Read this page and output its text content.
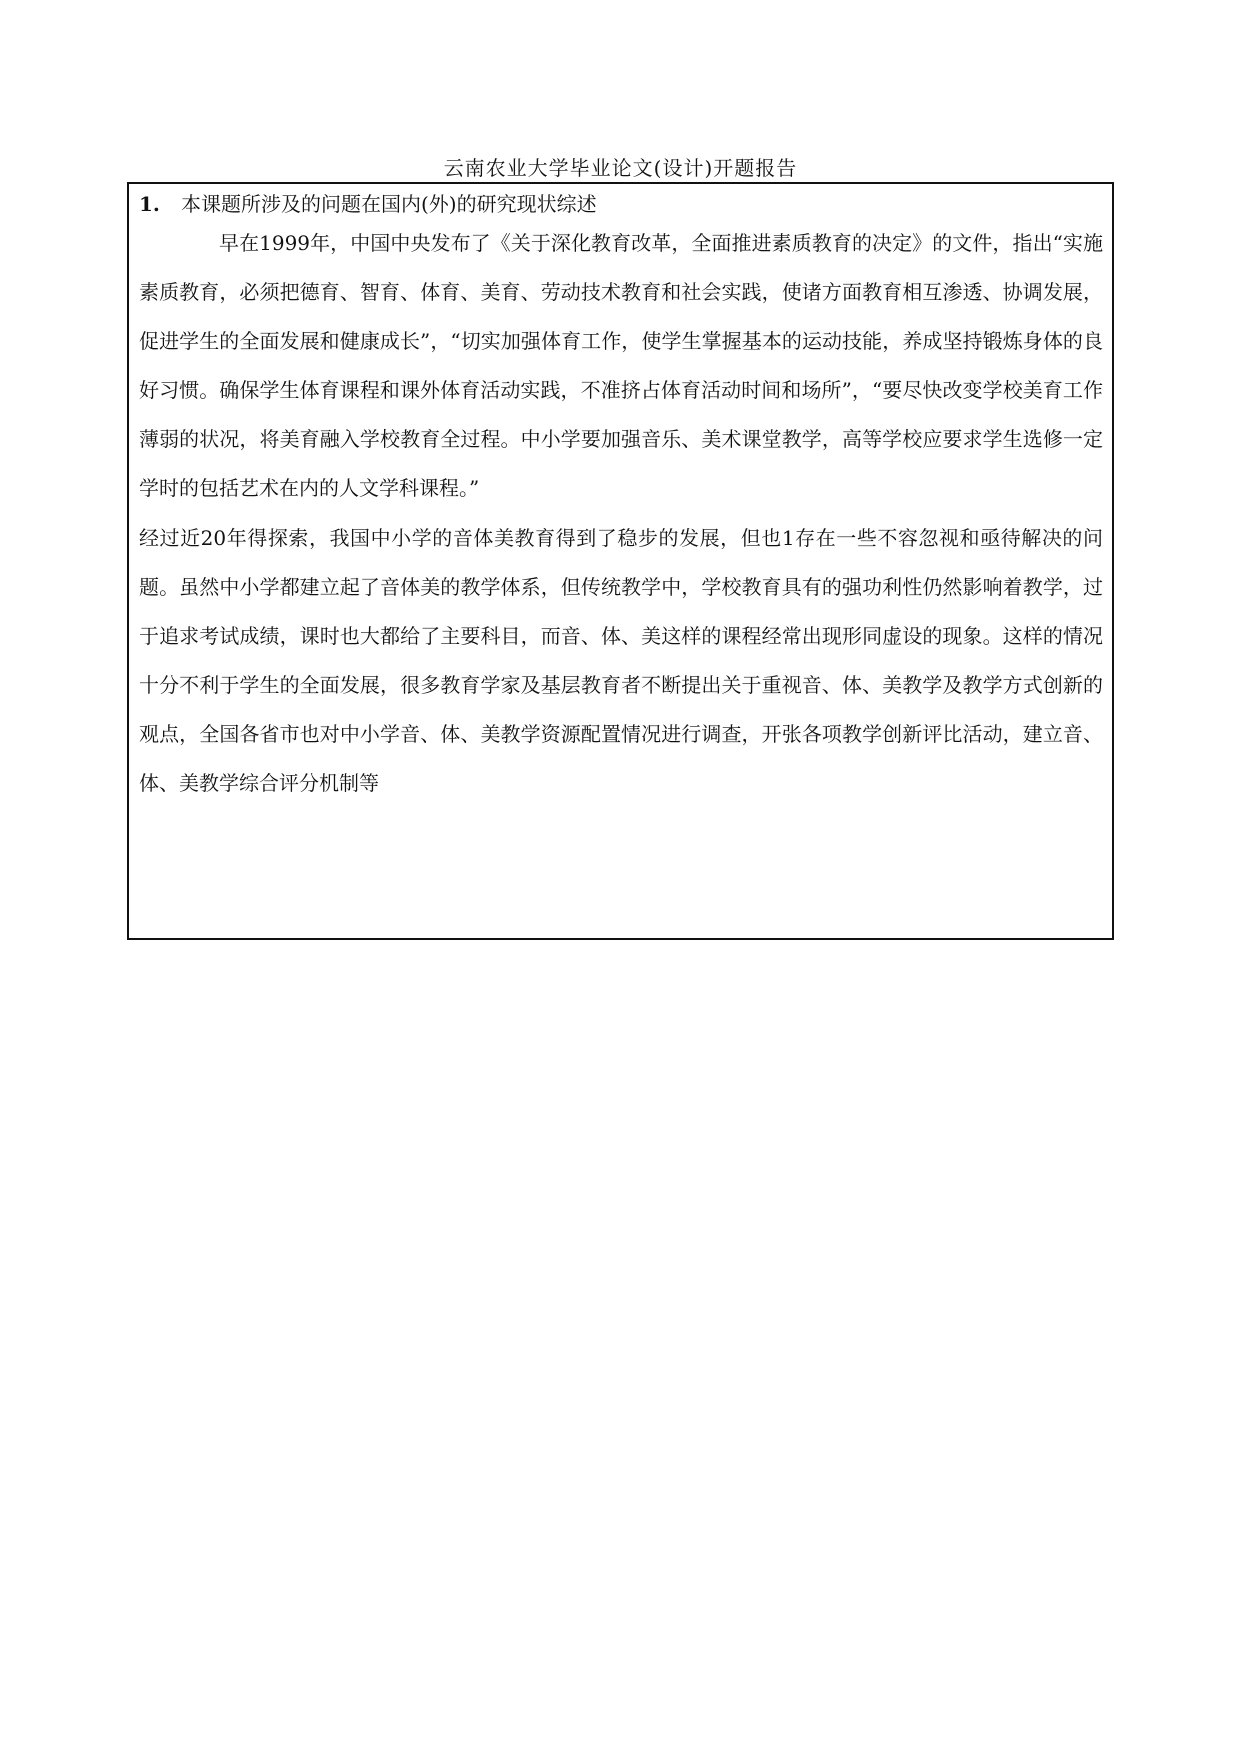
云南农业大学毕业论文(设计)开题报告
1. 本课题所涉及的问题在国内(外)的研究现状综述

早在1999年，中国中央发布了《关于深化教育改革，全面推进素质教育的决定》的文件，指出“实施素质教育，必须把德育、智育、体育、美育、劳动技术教育和社会实践，使诸方面教育相互渗透、协调发展，促进学生的全面发展和健康成长”，“切实加强体育工作，使学生掌握基本的运动技能，养成坚持锻炼身体的良好习惯。确保学生体育课程和课外体育活动实践，不准挤占体育活动时间和场所”，“要尽快改变学校美育工作薄弱的状况，将美育融入学校教育全过程。中小学要加强音乐、美术课堂教学，高等学校应要求学生选修一定学时的包括艺术在内的人文学科课程。”

经过近20年得探索，我国中小学的音体美教育得到了稳步的发展，但也1存在一些不容忽视和亟待解决的问题。虽然中小学都建立起了音体美的教学体系，但传统教学中，学校教育具有的强功利性仍然影响着教学，过于追求考试成绩，课时也大都给了主要科目，而音、体、美这样的课程经常出现形同虚设的现象。这样的情况十分不利于学生的全面发展，很多教育学家及基层教育者不断提出关于重视音、体、美教学及教学方式创新的观点，全国各省市也对中小学音、体、美教学资源配置情况进行调查，开张各项教学创新评比活动，建立音、体、美教学综合评分机制等
